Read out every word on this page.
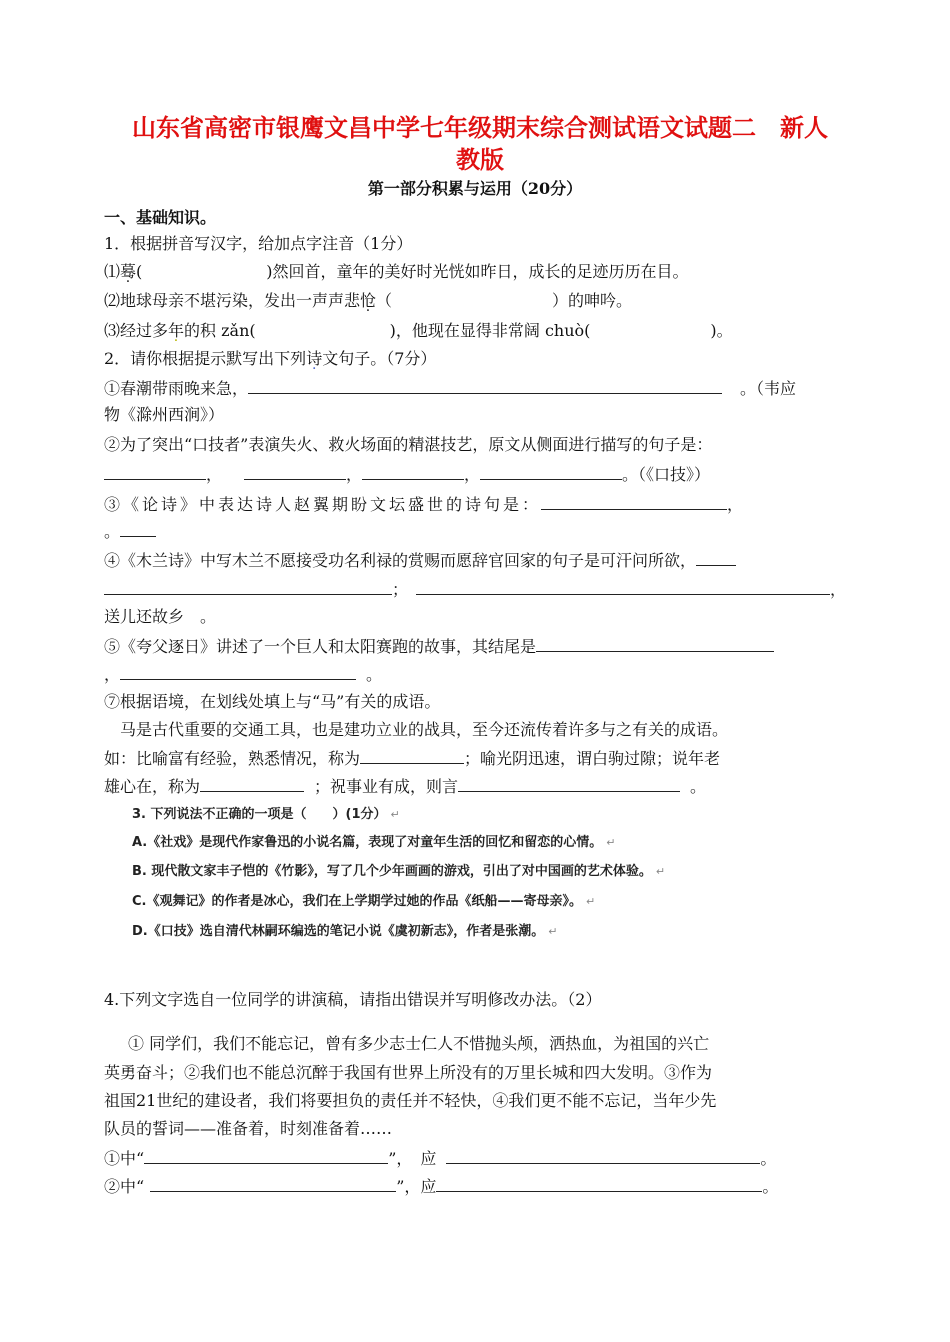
山东省高密市银鹰文昌中学七年级期末综合测试语文试题二　新人
教版
第一部分积累与运用（20分）
一、基础知识。
1．根据拼音写汉字，给加点字注音（1分）
⑴蓦(	)然回首，童年的美好时光恍如昨日，成长的足迹历历在目。
⑵地球母亲不堪污染，发出一声声悲怆（	）的呻吟。
⑶经过多年的积 zǎn(	)，他现在显得非常阔 chuò(	)。
2．请你根据提示默写出下列诗文句子。（7分）
①春潮带雨晚来急，	。（韦应
物《滁州西涧》）
②为了突出“口技者”表演失火、救火场面的精湛技艺，原文从侧面进行描写的句子是：
，	，	，	。（《口技》）
③《论诗》中表达诗人赵翼期盼文坛盛世的诗句是：	，
。
④《木兰诗》中写木兰不愿接受功名利禄的赏赐而愿辞官回家的句子是可汗问所欲，
；	，
送儿还故乡　。
⑤《夸父逐日》讲述了一个巨人和太阳赛跑的故事，其结尾是
，	。
⑦根据语境，在划线处填上与“马”有关的成语。
　马是古代重要的交通工具，也是建功立业的战具，至今还流传着许多与之有关的成语。
如：比喻富有经验，熟悉情况，称为	；喻光阴迅速，谓白驹过隙；说年老
雄心在，称为	；祝事业有成，则言	。
3. 下列说法不正确的一项是（　　）(1分） ↵
A.《社戏》是现代作家鲁迅的小说名篇，表现了对童年生活的回忆和留恋的心情。 ↵
B. 现代散文家丰子恺的《竹影》，写了几个少年画画的游戏，引出了对中国画的艺术体验。 ↵
C.《观舞记》的作者是冰心，我们在上学期学过她的作品《纸船——寄母亲》。 ↵
D.《口技》选自清代林嗣环编选的笔记小说《虞初新志》，作者是张潮。 ↵
4.下列文字选自一位同学的讲演稿，请指出错误并写明修改办法。（2）
　① 同学们，我们不能忘记，曾有多少志士仁人不惜抛头颅，洒热血，为祖国的兴亡
英勇奋斗；②我们也不能总沉醉于我国有世界上所没有的万里长城和四大发明。③作为
祖国21世纪的建设者，我们将要担负的责任并不轻快，④我们更不能不忘记，当年少先
队员的誓词——准备着，时刻准备着……
①中“	”，　应	。
②中“	”，应	。
